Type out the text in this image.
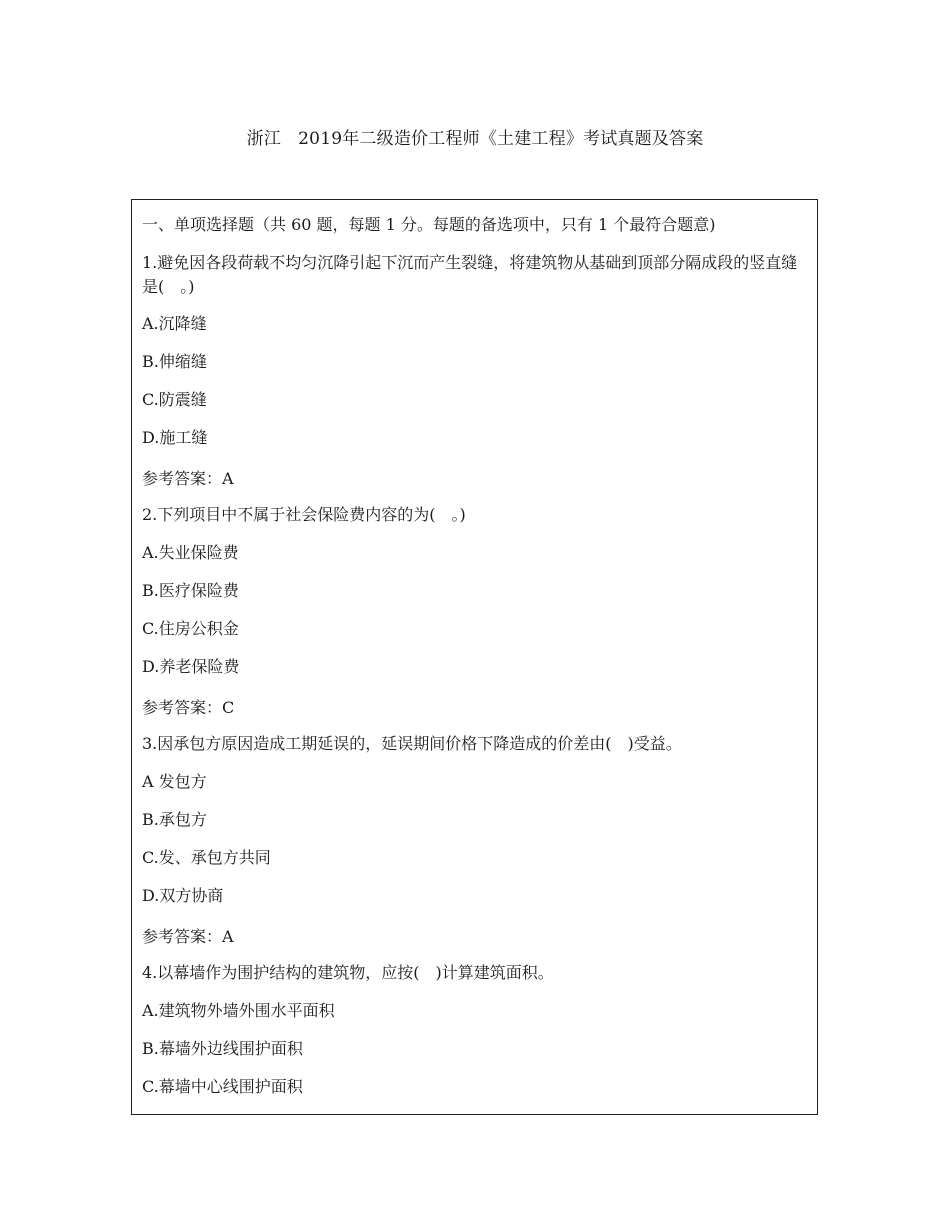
浙江　2019年二级造价工程师《土建工程》考试真题及答案
一、单项选择题（共 60 题，每题 1 分。每题的备选项中，只有 1 个最符合题意)
1.避免因各段荷载不均匀沉降引起下沉而产生裂缝，将建筑物从基础到顶部分隔成段的竖直缝是(　。)
A.沉降缝
B.伸缩缝
C.防震缝
D.施工缝
参考答案：A
2.下列项目中不属于社会保险费内容的为(　。)
A.失业保险费
B.医疗保险费
C.住房公积金
D.养老保险费
参考答案：C
3.因承包方原因造成工期延误的，延误期间价格下降造成的价差由(　)受益。
A 发包方
B.承包方
C.发、承包方共同
D.双方协商
参考答案：A
4.以幕墙作为围护结构的建筑物，应按(　)计算建筑面积。
A.建筑物外墙外围水平面积
B.幕墙外边线围护面积
C.幕墙中心线围护面积
